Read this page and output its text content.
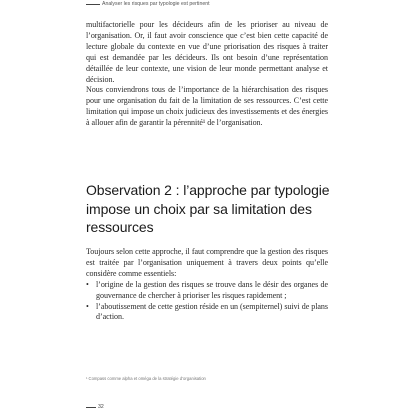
Analyser les risques par typologie est pertinent

multifactorielle pour les décideurs afin de les prioriser au niveau de l’organisation. Or, il faut avoir conscience que c’est bien cette capacité de lecture globale du contexte en vue d’une priorisation des risques à traiter qui est demandée par les décideurs. Ils ont besoin d’une représentation détaillée de leur contexte, une vision de leur monde permettant analyse et décision.

Nous conviendrons tous de l’importance de la hiérarchisation des risques pour une organisation du fait de la limitation de ses ressources. C’est cette limitation qui impose un choix judicieux des investissements et des énergies à allouer afin de garantir la pérennité¹ de l’organisation.

Observation 2 : l’approche par typologie impose un choix par sa limitation des ressources

Toujours selon cette approche, il faut comprendre que la gestion des risques est traitée par l’organisation uniquement à travers deux points qu’elle considère comme essentiels:

• l’origine de la gestion des risques se trouve dans le désir des organes de gouvernance de chercher à prioriser les risques rapidement ;
• l’aboutissement de cette gestion réside en un (sempiternel) suivi de plans d’action.
¹ Compass comme alpha et oméga de la stratégie d’organisation
32
